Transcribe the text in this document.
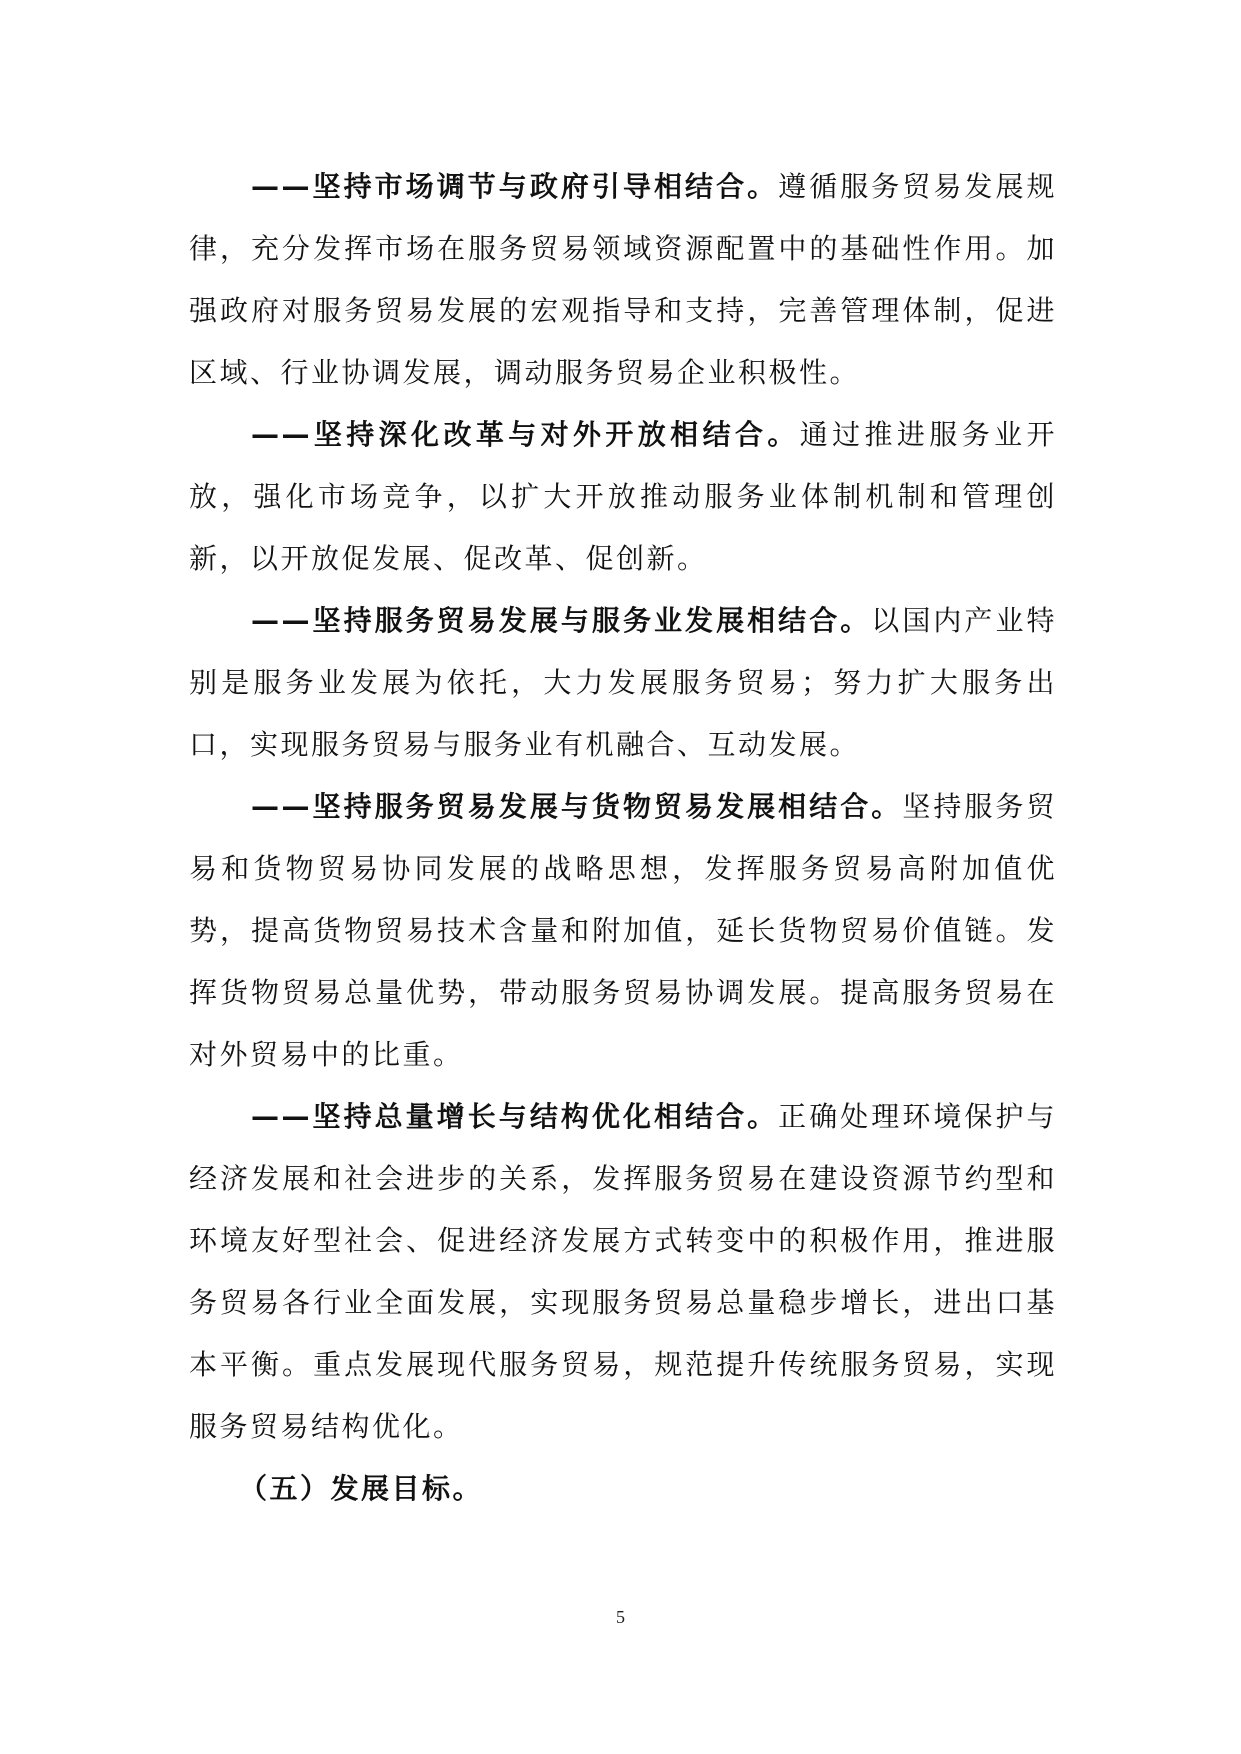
——坚持市场调节与政府引导相结合。遵循服务贸易发展规律，充分发挥市场在服务贸易领域资源配置中的基础性作用。加强政府对服务贸易发展的宏观指导和支持，完善管理体制，促进区域、行业协调发展，调动服务贸易企业积极性。

——坚持深化改革与对外开放相结合。通过推进服务业开放，强化市场竞争，以扩大开放推动服务业体制机制和管理创新，以开放促发展、促改革、促创新。

——坚持服务贸易发展与服务业发展相结合。以国内产业特别是服务业发展为依托，大力发展服务贸易；努力扩大服务出口，实现服务贸易与服务业有机融合、互动发展。

——坚持服务贸易发展与货物贸易发展相结合。坚持服务贸易和货物贸易协同发展的战略思想，发挥服务贸易高附加值优势，提高货物贸易技术含量和附加值，延长货物贸易价值链。发挥货物贸易总量优势，带动服务贸易协调发展。提高服务贸易在对外贸易中的比重。

——坚持总量增长与结构优化相结合。正确处理环境保护与经济发展和社会进步的关系，发挥服务贸易在建设资源节约型和环境友好型社会、促进经济发展方式转变中的积极作用，推进服务贸易各行业全面发展，实现服务贸易总量稳步增长，进出口基本平衡。重点发展现代服务贸易，规范提升传统服务贸易，实现服务贸易结构优化。

（五）发展目标。

5
